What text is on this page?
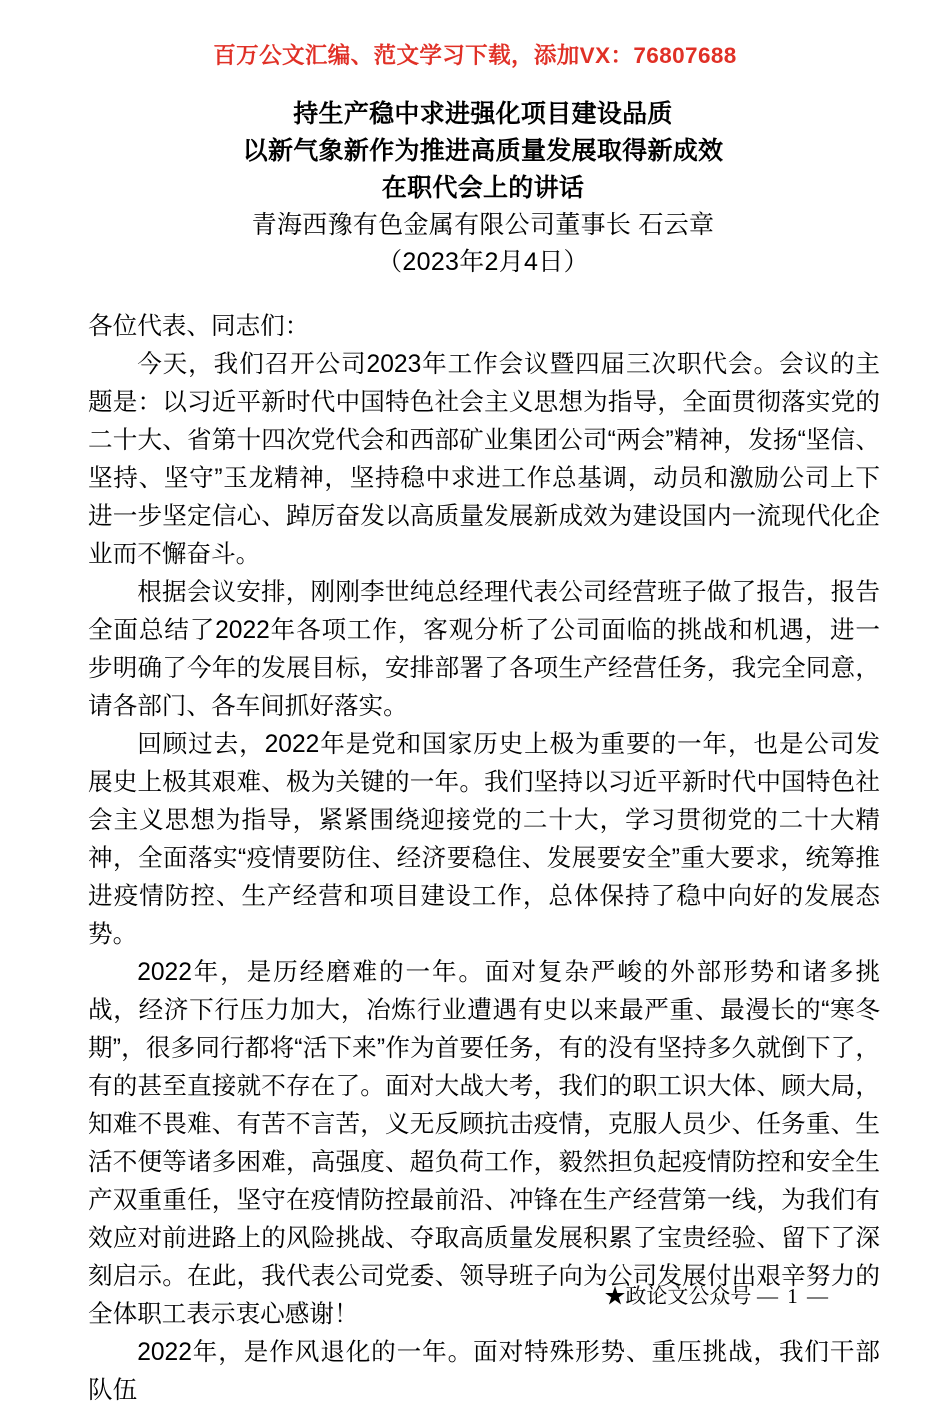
百万公文汇编、范文学习下载，添加VX：76807688
持生产稳中求进强化项目建设品质
以新气象新作为推进高质量发展取得新成效
在职代会上的讲话
青海西豫有色金属有限公司董事长 石云章
（2023年2月4日）

各位代表、同志们：

今天，我们召开公司2023年工作会议暨四届三次职代会。会议的主题是：以习近平新时代中国特色社会主义思想为指导，全面贯彻落实党的二十大、省第十四次党代会和西部矿业集团公司“两会”精神，发扬“坚信、坚持、坚守”玉龙精神，坚持稳中求进工作总基调，动员和激励公司上下进一步坚定信心、踔厉奋发以高质量发展新成效为建设国内一流现代化企业而不懈奋斗。

根据会议安排，刚刚李世纯总经理代表公司经营班子做了报告，报告全面总结了2022年各项工作，客观分析了公司面临的挑战和机遇，进一步明确了今年的发展目标，安排部署了各项生产经营任务，我完全同意，请各部门、各车间抓好落实。

回顾过去，2022年是党和国家历史上极为重要的一年，也是公司发展史上极其艰难、极为关键的一年。我们坚持以习近平新时代中国特色社会主义思想为指导，紧紧围绕迎接党的二十大，学习贯彻党的二十大精神，全面落实“疫情要防住、经济要稳住、发展要安全”重大要求，统筹推进疫情防控、生产经营和项目建设工作，总体保持了稳中向好的发展态势。

2022年，是历经磨难的一年。面对复杂严峻的外部形势和诸多挑战，经济下行压力加大，冶炼行业遭遇有史以来最严重、最漫长的“寒冬期”，很多同行都将“活下来”作为首要任务，有的没有坚持多久就倒下了，有的甚至直接就不存在了。面对大战大考，我们的职工识大体、顾大局，知难不畏难、有苦不言苦，义无反顾抗击疫情，克服人员少、任务重、生活不便等诸多困难，高强度、超负荷工作，毅然担负起疫情防控和安全生产双重重任，坚守在疫情防控最前沿、冲锋在生产经营第一线，为我们有效应对前进路上的风险挑战、夺取高质量发展积累了宝贵经验、留下了深刻启示。在此，我代表公司党委、领导班子向为公司发展付出艰辛努力的全体职工表示衷心感谢！

2022年，是作风退化的一年。面对特殊形势、重压挑战，我们干部队伍

★政论文公众号 — 1 —
